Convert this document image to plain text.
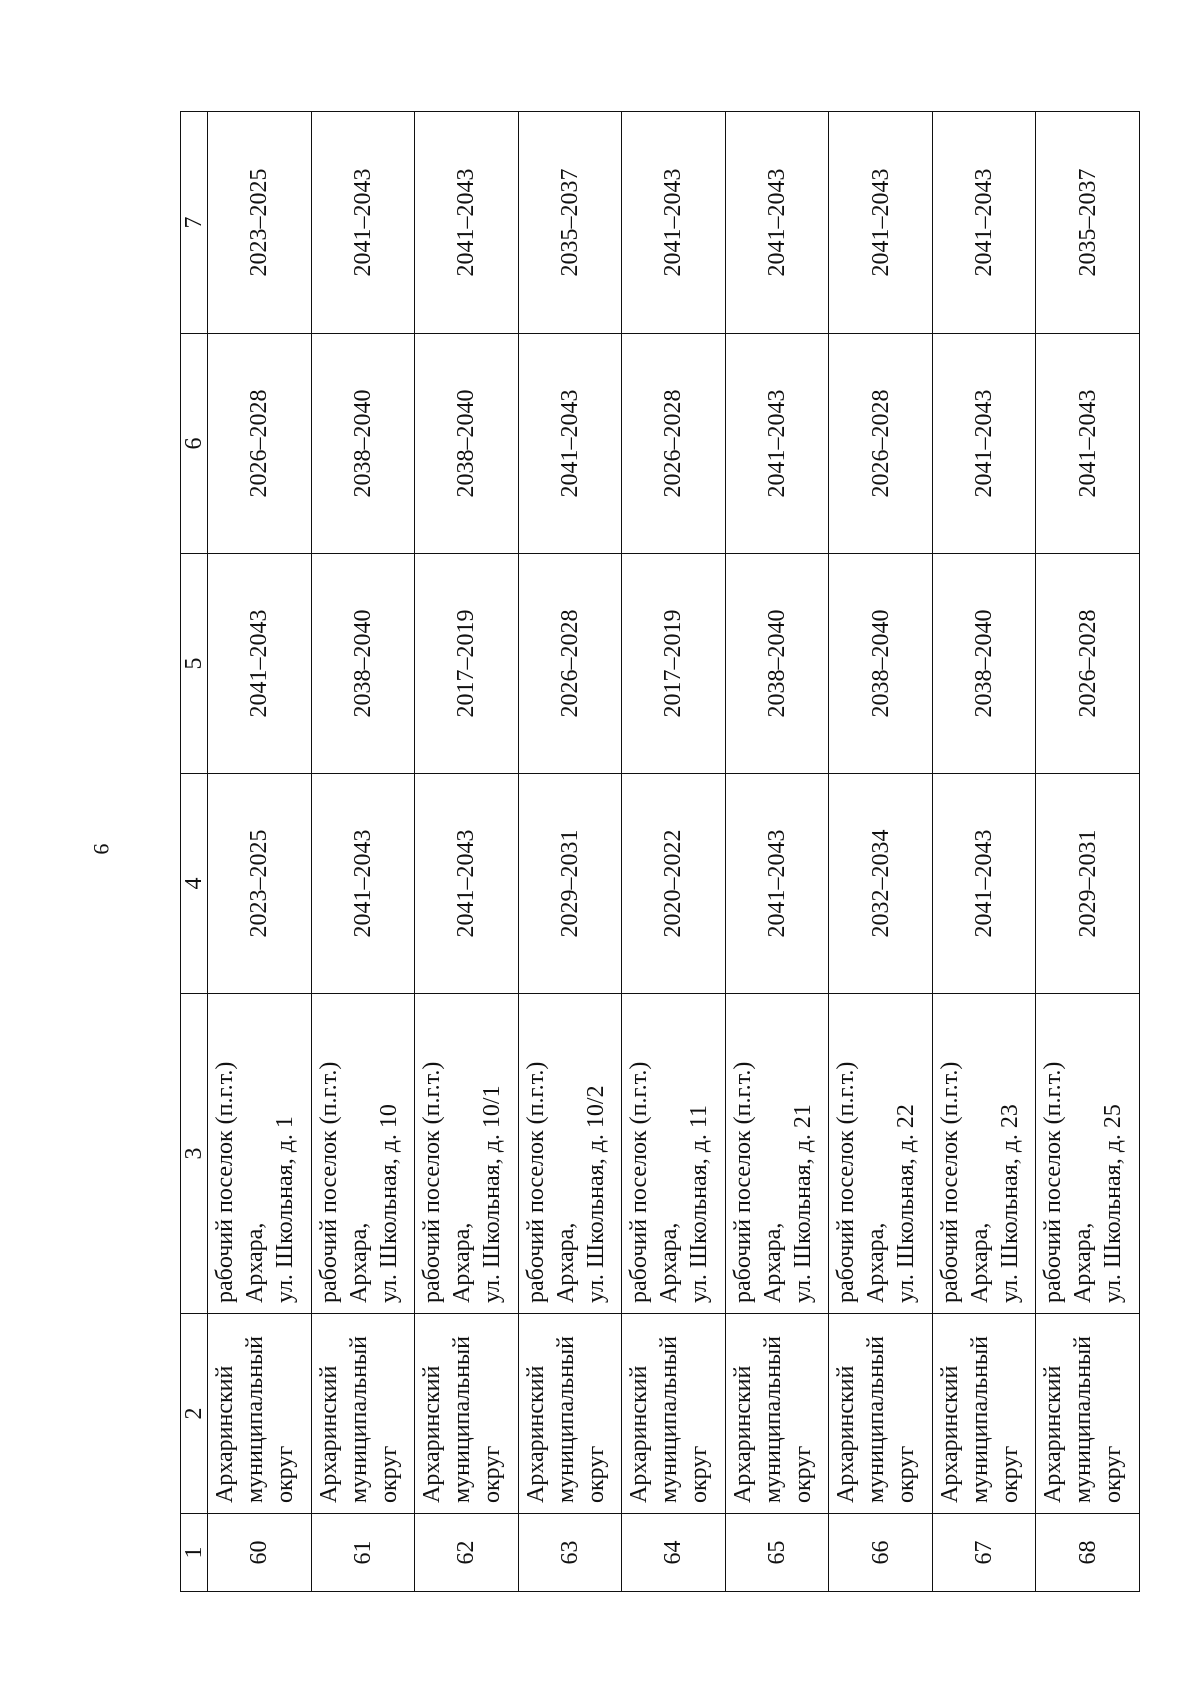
9
1	2	3	4	5	6	7
60	Архаринский муниципальный округ	рабочий поселок (п.г.т.) Архара, ул. Школьная, д. 1	2023–2025	2041–2043	2026–2028	2023–2025
61	Архаринский муниципальный округ	рабочий поселок (п.г.т.) Архара, ул. Школьная, д. 10	2041–2043	2038–2040	2038–2040	2041–2043
62	Архаринский муниципальный округ	рабочий поселок (п.г.т.) Архара, ул. Школьная, д. 10/1	2041–2043	2017–2019	2038–2040	2041–2043
63	Архаринский муниципальный округ	рабочий поселок (п.г.т.) Архара, ул. Школьная, д. 10/2	2029–2031	2026–2028	2041–2043	2035–2037
64	Архаринский муниципальный округ	рабочий поселок (п.г.т.) Архара, ул. Школьная, д. 11	2020–2022	2017–2019	2026–2028	2041–2043
65	Архаринский муниципальный округ	рабочий поселок (п.г.т.) Архара, ул. Школьная, д. 21	2041–2043	2038–2040	2041–2043	2041–2043
66	Архаринский муниципальный округ	рабочий поселок (п.г.т.) Архара, ул. Школьная, д. 22	2032–2034	2038–2040	2026–2028	2041–2043
67	Архаринский муниципальный округ	рабочий поселок (п.г.т.) Архара, ул. Школьная, д. 23	2041–2043	2038–2040	2041–2043	2041–2043
68	Архаринский муниципальный округ	рабочий поселок (п.г.т.) Архара, ул. Школьная, д. 25	2029–2031	2026–2028	2041–2043	2035–2037
